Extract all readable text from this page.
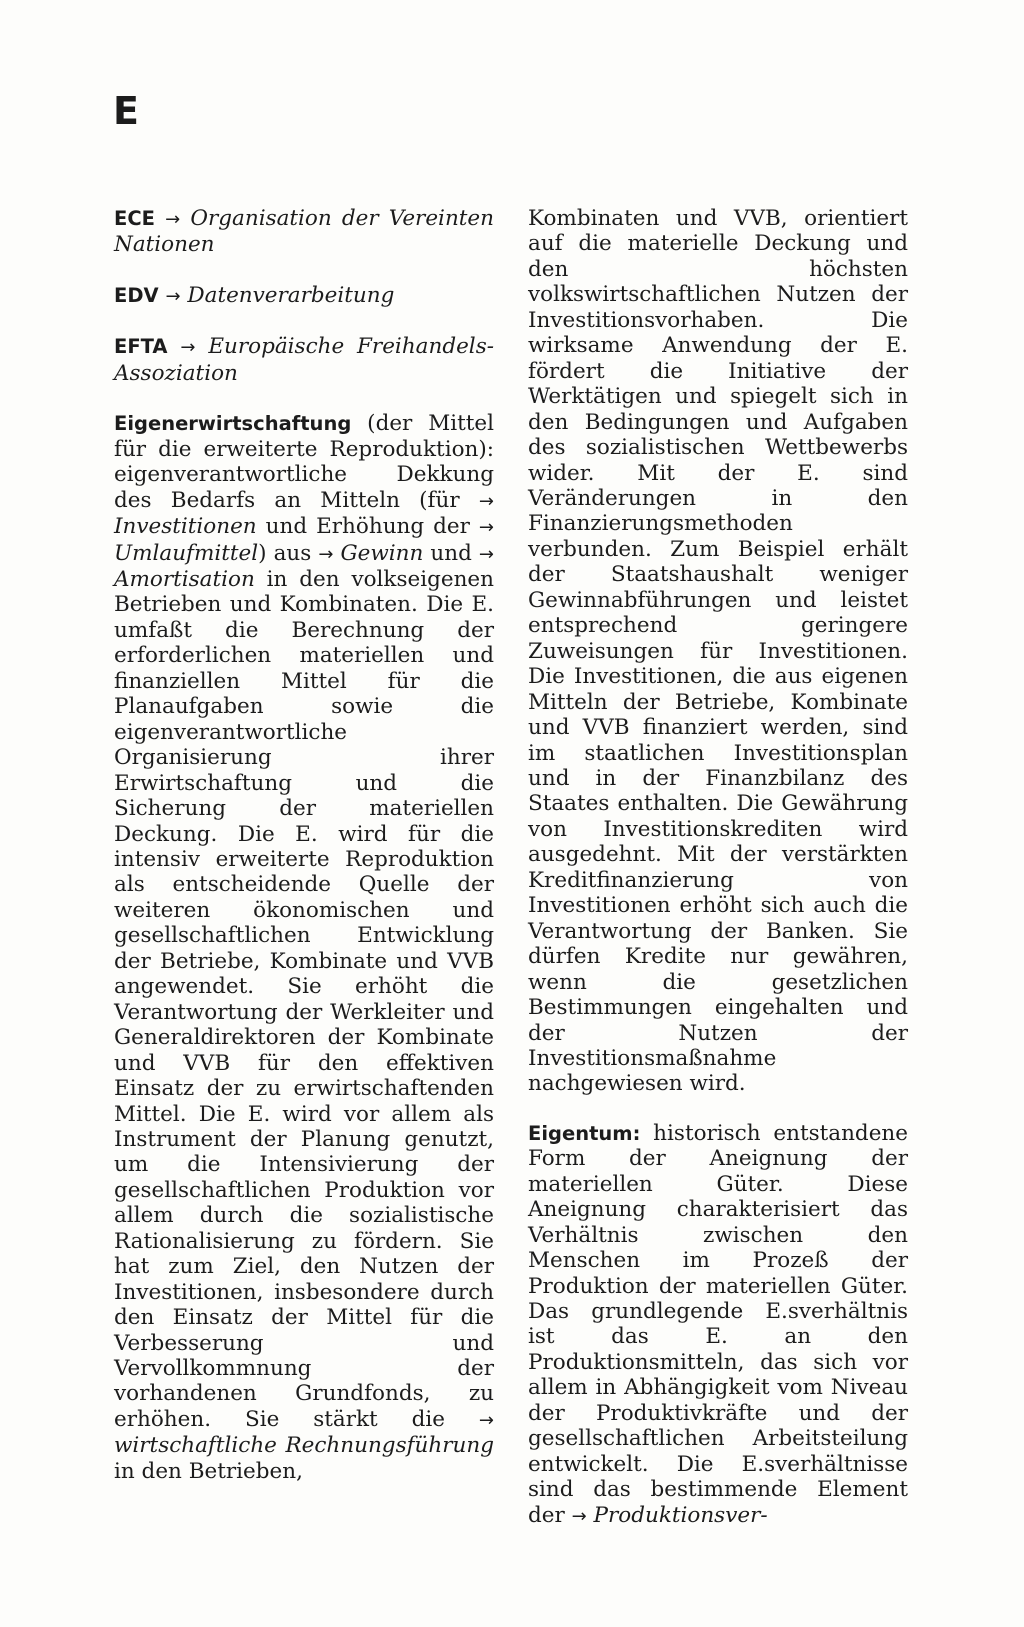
E

ECE → Organisation der Vereinten Nationen

EDV → Datenverarbeitung

EFTA → Europäische Freihandels-Assoziation

Eigenerwirtschaftung (der Mittel für die erweiterte Reproduktion): eigenverantwortliche Dekkung des Bedarfs an Mitteln (für → Investitionen und Erhöhung der → Umlaufmittel) aus → Gewinn und → Amortisation in den volkseigenen Betrieben und Kombinaten. Die E. umfaßt die Berechnung der erforderlichen materiellen und finanziellen Mittel für die Planaufgaben sowie die eigenverantwortliche Organisierung ihrer Erwirtschaftung und die Sicherung der materiellen Deckung. Die E. wird für die intensiv erweiterte Reproduktion als entscheidende Quelle der weiteren ökonomischen und gesellschaftlichen Entwicklung der Betriebe, Kombinate und VVB angewendet. Sie erhöht die Verantwortung der Werkleiter und Generaldirektoren der Kombinate und VVB für den effektiven Einsatz der zu erwirtschaftenden Mittel. Die E. wird vor allem als Instrument der Planung genutzt, um die Intensivierung der gesellschaftlichen Produktion vor allem durch die sozialistische Rationalisierung zu fördern. Sie hat zum Ziel, den Nutzen der Investitionen, insbesondere durch den Einsatz der Mittel für die Verbesserung und Vervollkommnung der vorhandenen Grundfonds, zu erhöhen. Sie stärkt die → wirtschaftliche Rechnungsführung in den Betrieben,

Kombinaten und VVB, orientiert auf die materielle Deckung und den höchsten volkswirtschaftlichen Nutzen der Investitionsvorhaben. Die wirksame Anwendung der E. fördert die Initiative der Werktätigen und spiegelt sich in den Bedingungen und Aufgaben des sozialistischen Wettbewerbs wider. Mit der E. sind Veränderungen in den Finanzierungsmethoden verbunden. Zum Beispiel erhält der Staatshaushalt weniger Gewinnabführungen und leistet entsprechend geringere Zuweisungen für Investitionen. Die Investitionen, die aus eigenen Mitteln der Betriebe, Kombinate und VVB finanziert werden, sind im staatlichen Investitionsplan und in der Finanzbilanz des Staates enthalten. Die Gewährung von Investitionskrediten wird ausgedehnt. Mit der verstärkten Kreditfinanzierung von Investitionen erhöht sich auch die Verantwortung der Banken. Sie dürfen Kredite nur gewähren, wenn die gesetzlichen Bestimmungen eingehalten und der Nutzen der Investitionsmaßnahme nachgewiesen wird.

Eigentum: historisch entstandene Form der Aneignung der materiellen Güter. Diese Aneignung charakterisiert das Verhältnis zwischen den Menschen im Prozeß der Produktion der materiellen Güter. Das grundlegende E.sverhältnis ist das E. an den Produktionsmitteln, das sich vor allem in Abhängigkeit vom Niveau der Produktivkräfte und der gesellschaftlichen Arbeitsteilung entwickelt. Die E.sverhältnisse sind das bestimmende Element der → Produktionsver-
